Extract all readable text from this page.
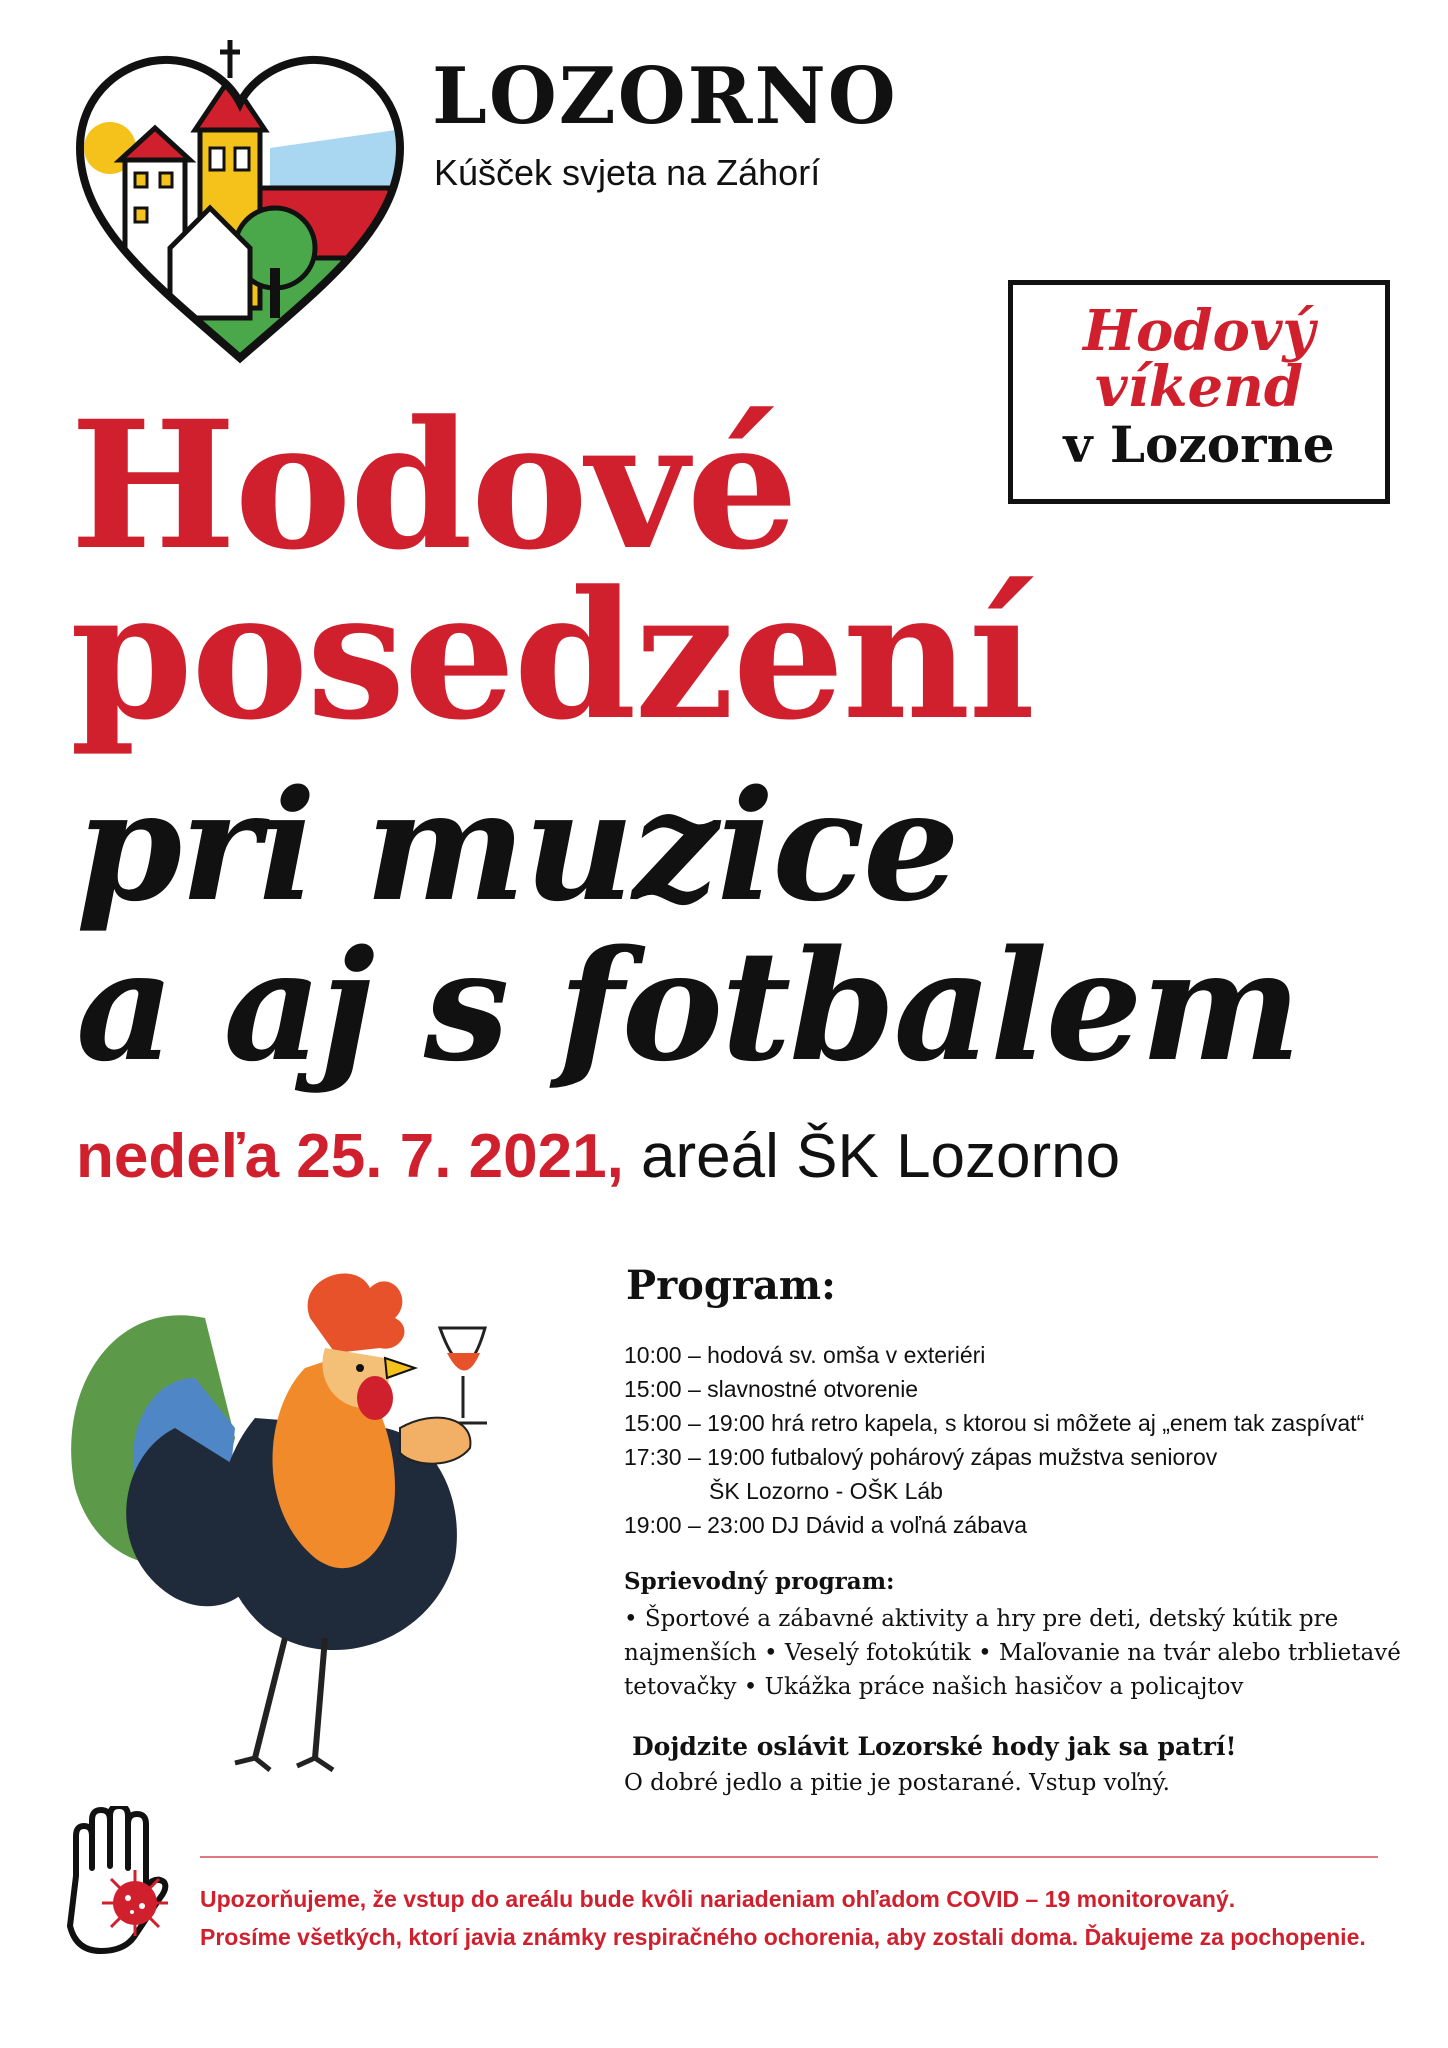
LOZORNO
Kúšček svjeta na Záhorí
Hodový
víkend
v Lozorne
Hodové
posedzení
pri muzice
a aj s fotbalem
nedeľa 25. 7. 2021, areál ŠK Lozorno
Program:
10:00 – hodová sv. omša v exteriéri
15:00 – slavnostné otvorenie
15:00 – 19:00 hrá retro kapela, s ktorou si môžete aj „enem tak zaspívat“
17:30 – 19:00 futbalový pohárový zápas mužstva seniorov
ŠK Lozorno - OŠK Láb
19:00 – 23:00 DJ Dávid a voľná zábava
Sprievodný program:
• Športové a zábavné aktivity a hry pre deti, detský kútik pre
najmenších • Veselý fotokútik • Maľovanie na tvár alebo trblietavé
tetovačky • Ukážka práce našich hasičov a policajtov
Dojdzite oslávit Lozorské hody jak sa patrí!
O dobré jedlo a pitie je postarané. Vstup voľný.
Upozorňujeme, že vstup do areálu bude kvôli nariadeniam ohľadom COVID – 19 monitorovaný.
Prosíme všetkých, ktorí javia známky respiračného ochorenia, aby zostali doma. Ďakujeme za pochopenie.
